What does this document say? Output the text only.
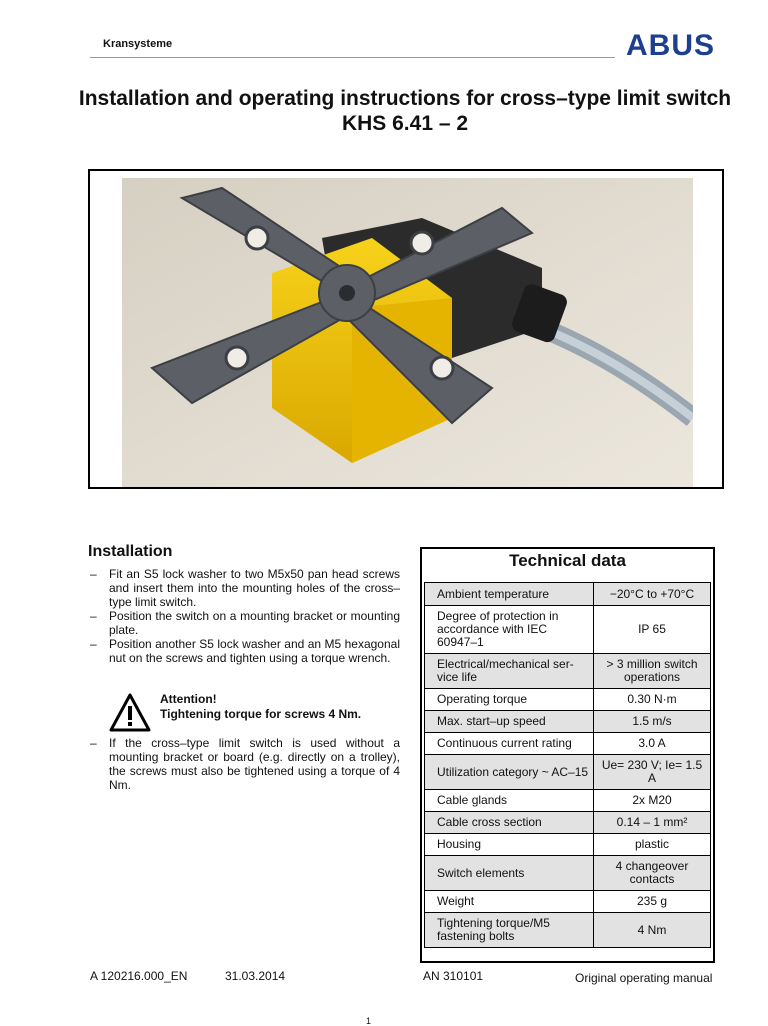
Kransysteme	ABUS
Installation and operating instructions for cross–type limit switch KHS 6.41 – 2
Installation

– Fit an S5 lock washer to two M5x50 pan head screws and insert them into the mounting holes of the cross–type limit switch.

– Position the switch on a mounting bracket or mounting plate.

– Position another S5 lock washer and an M5 hexagonal nut on the screws and tighten using a torque wrench.

Attention!
Tightening torque for screws 4 Nm.

– If the cross–type limit switch is used without a mounting bracket or board (e.g. directly on a trolley), the screws must also be tightened using a torque of 4 Nm.

Technical data
Ambient temperature	−20°C to +70°C
Degree of protection in accordance with IEC 60947–1	IP 65
Electrical/mechanical service life	> 3 million switch operations
Operating torque	0.30 N·m
Max. start–up speed	1.5 m/s
Continuous current rating	3.0 A
Utilization category ~ AC–15	Ue= 230 V; Ie= 1.5 A
Cable glands	2x M20
Cable cross section	0.14 – 1 mm²
Housing	plastic
Switch elements	4 changeover contacts
Weight	235 g
Tightening torque/M5 fastening bolts	4 Nm
A 120216.000_EN	31.03.2014	AN 310101	Original operating manual
1
